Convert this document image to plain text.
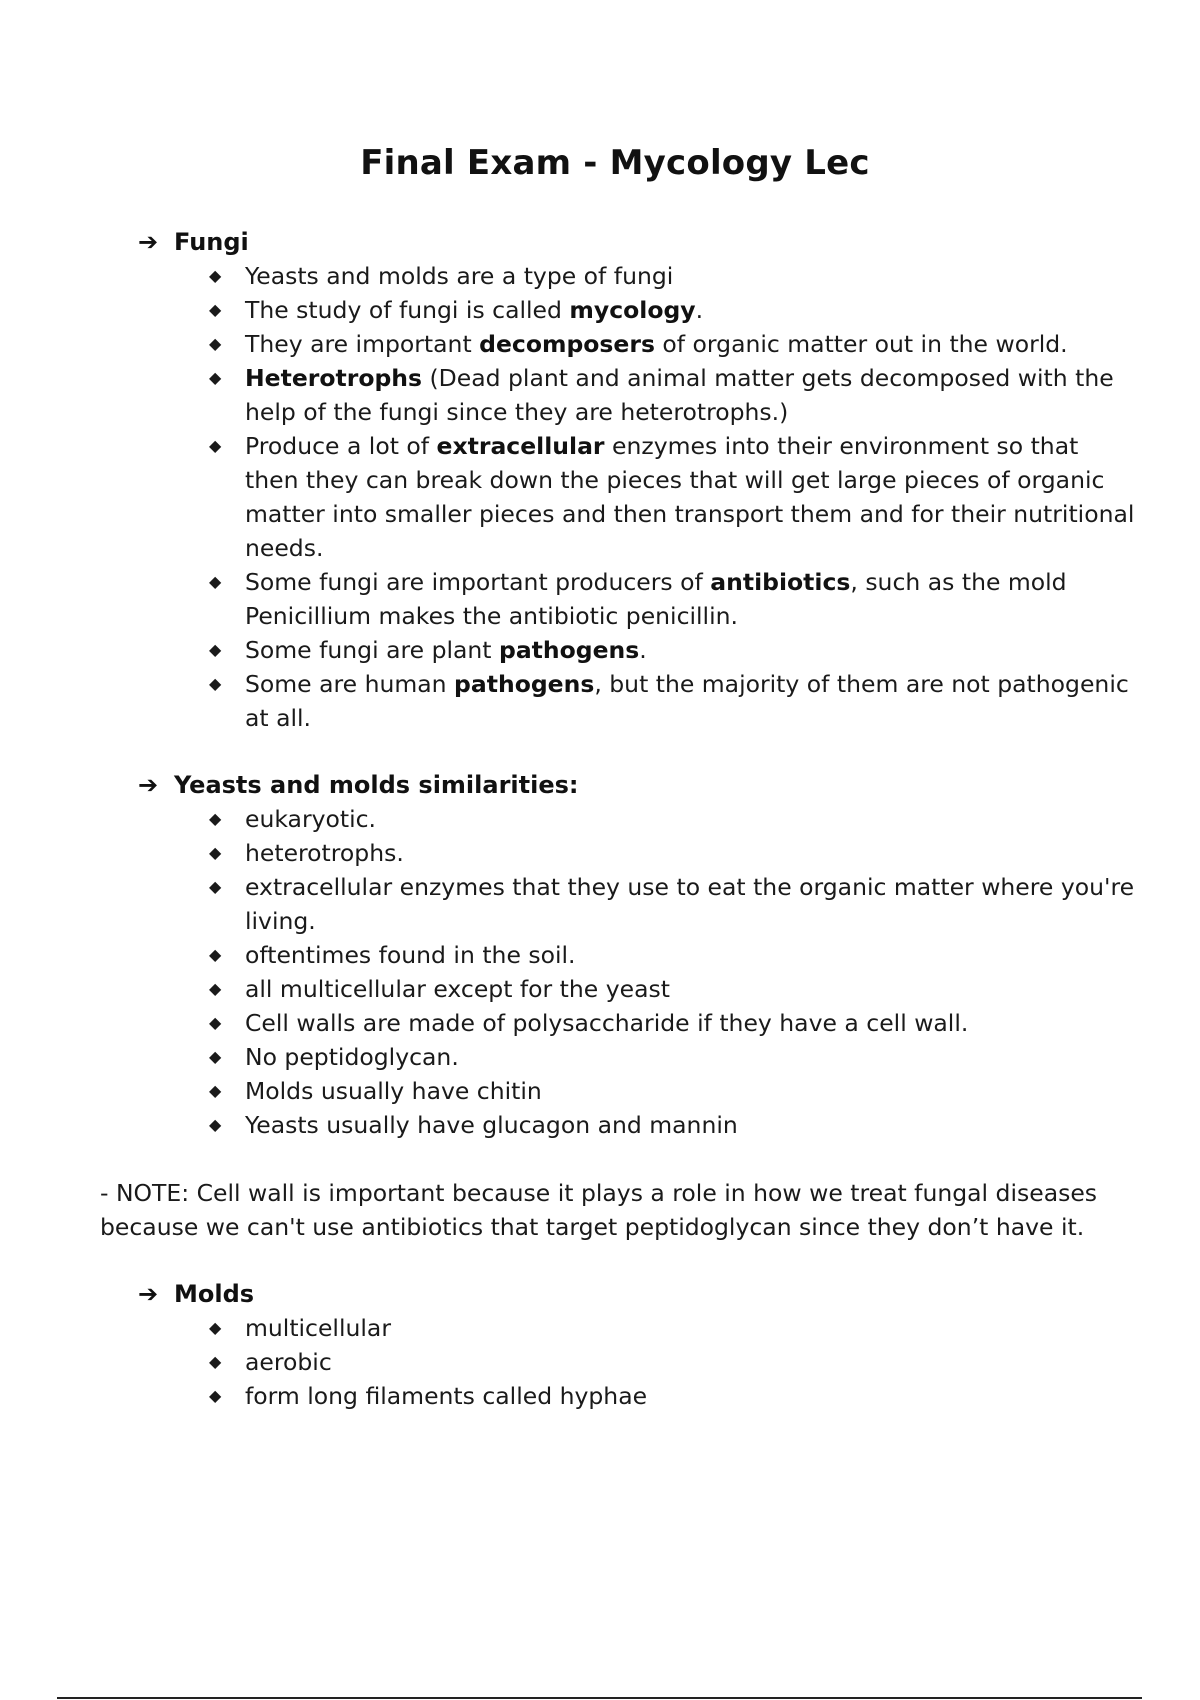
Final Exam - Mycology Lec
➔ Fungi
◆ Yeasts and molds are a type of fungi
◆ The study of fungi is called mycology.
◆ They are important decomposers of organic matter out in the world.
◆ Heterotrophs (Dead plant and animal matter gets decomposed with the help of the fungi since they are heterotrophs.)
◆ Produce a lot of extracellular enzymes into their environment so that then they can break down the pieces that will get large pieces of organic matter into smaller pieces and then transport them and for their nutritional needs.
◆ Some fungi are important producers of antibiotics, such as the mold Penicillium makes the antibiotic penicillin.
◆ Some fungi are plant pathogens.
◆ Some are human pathogens, but the majority of them are not pathogenic at all.
➔ Yeasts and molds similarities:
◆ eukaryotic.
◆ heterotrophs.
◆ extracellular enzymes that they use to eat the organic matter where you're living.
◆ oftentimes found in the soil.
◆ all multicellular except for the yeast
◆ Cell walls are made of polysaccharide if they have a cell wall.
◆ No peptidoglycan.
◆ Molds usually have chitin
◆ Yeasts usually have glucagon and mannin
- NOTE: Cell wall is important because it plays a role in how we treat fungal diseases because we can't use antibiotics that target peptidoglycan since they don’t have it.
➔ Molds
◆ multicellular
◆ aerobic
◆ form long filaments called hyphae
